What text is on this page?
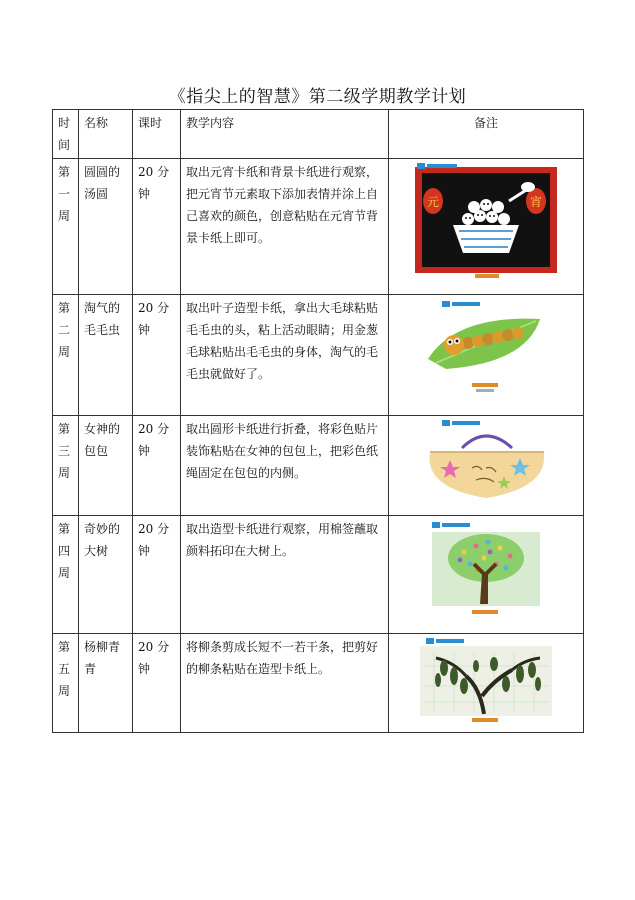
《指尖上的智慧》第二级学期教学计划
时间	名称	课时	教学内容	备注

第
一
周	圆圆的汤圆	20 分钟	取出元宵卡纸和背景卡纸进行观察，把元宵节元素取下添加表情并涂上自己喜欢的颜色，创意粘贴在元宵节背景卡纸上即可。	元 宵

第
二
周	淘气的毛毛虫	20 分钟	取出叶子造型卡纸，拿出大毛球粘贴毛毛虫的头，粘上活动眼睛；用金葱毛球粘贴出毛毛虫的身体，淘气的毛毛虫就做好了。	

第
三
周	女神的包包	20 分钟	取出圆形卡纸进行折叠，将彩色贴片装饰粘贴在女神的包包上，把彩色纸绳固定在包包的内侧。	

第
四
周	奇妙的大树	20 分钟	取出造型卡纸进行观察，用棉签蘸取颜料拓印在大树上。	

第
五
周	杨柳青青	20 分钟	将柳条剪成长短不一若干条，把剪好的柳条粘贴在造型卡纸上。	
